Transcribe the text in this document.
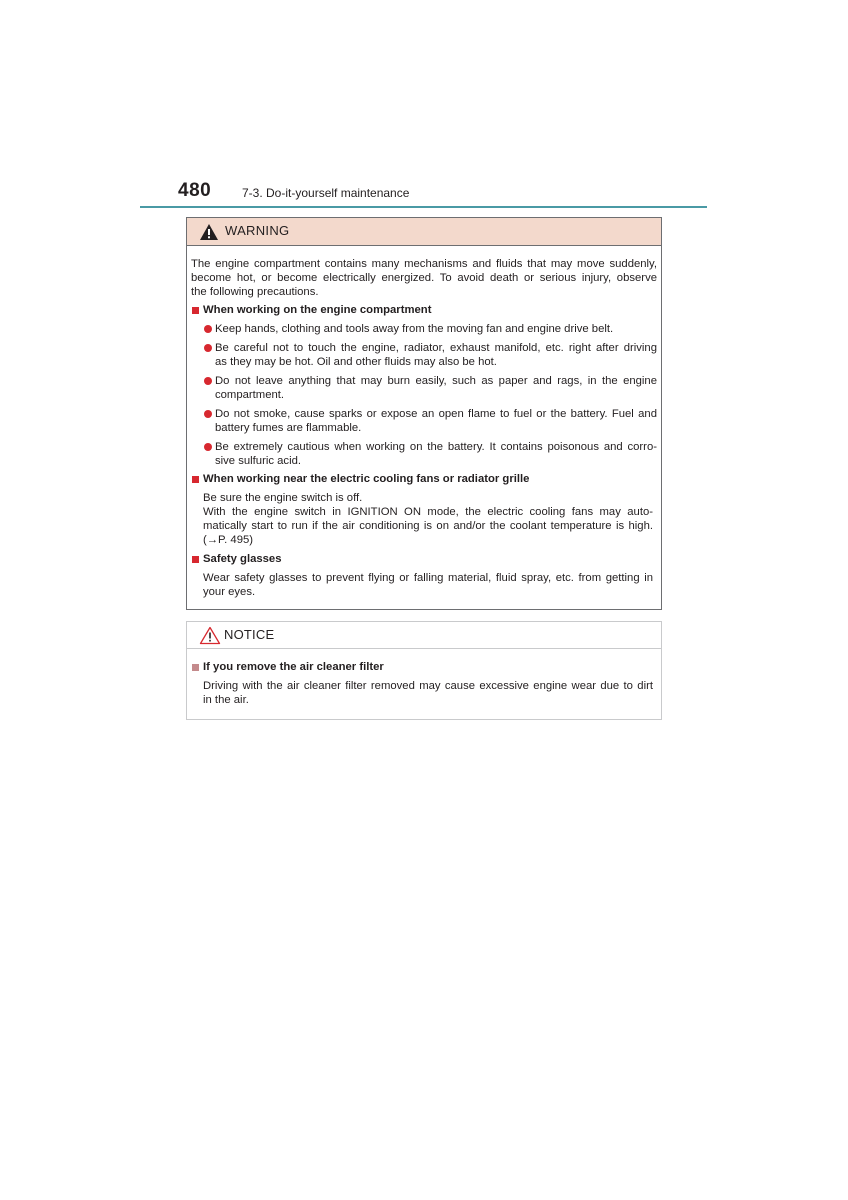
480	7-3. Do-it-yourself maintenance
WARNING
The engine compartment contains many mechanisms and fluids that may move suddenly,
become hot, or become electrically energized. To avoid death or serious injury, observe
the following precautions.
When working on the engine compartment
Keep hands, clothing and tools away from the moving fan and engine drive belt.
Be careful not to touch the engine, radiator, exhaust manifold, etc. right after driving
as they may be hot. Oil and other fluids may also be hot.
Do not leave anything that may burn easily, such as paper and rags, in the engine
compartment.
Do not smoke, cause sparks or expose an open flame to fuel or the battery. Fuel and
battery fumes are flammable.
Be extremely cautious when working on the battery. It contains poisonous and corro-
sive sulfuric acid.
When working near the electric cooling fans or radiator grille
Be sure the engine switch is off.
With the engine switch in IGNITION ON mode, the electric cooling fans may auto-
matically start to run if the air conditioning is on and/or the coolant temperature is high.
(→P. 495)
Safety glasses
Wear safety glasses to prevent flying or falling material, fluid spray, etc. from getting in
your eyes.
NOTICE
If you remove the air cleaner filter
Driving with the air cleaner filter removed may cause excessive engine wear due to dirt
in the air.
